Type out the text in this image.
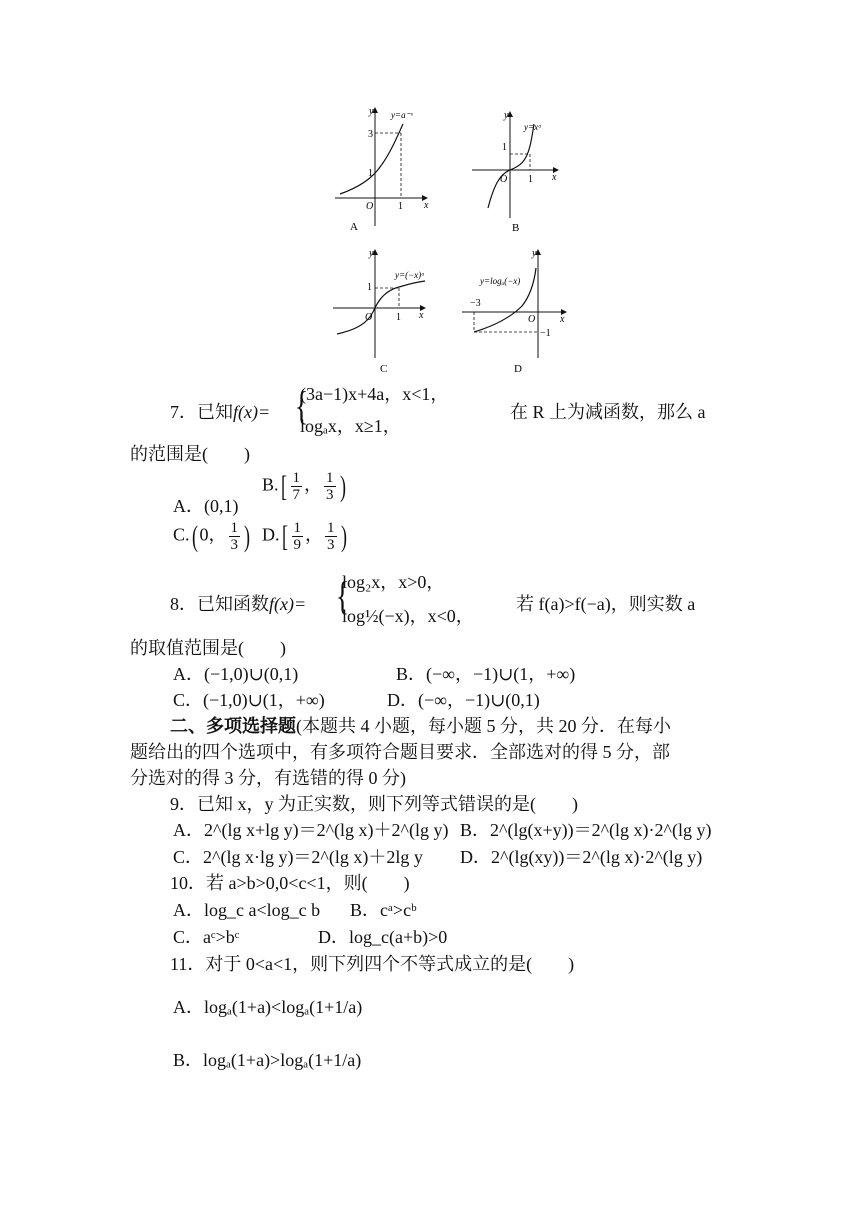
y y=a⁻ˣ
3
1
O 1 x
A
y
y=xᵃ
1
O 1 x
B
y
y=(−x)ᵃ
1
O 1 x
C
y
y=logₐ(−x)
−3
O
−1
x
D
7．已知f(x)= {
(3a−1)x+4a，x<1，
logₐx，x≥1，
在 R 上为减函数，那么 a
的范围是(　　)
A．(0,1)
$B.[ \frac{1}{7}$ ， $\frac{1}{3}$ )
C.( 0， $\frac{1}{3}$ ) $D.[ \frac{1}{9}$ ， $\frac{1}{3}$ )
8．已知函数f(x)= {
log₂x，x>0，
log½(−x)，x<0，
若 f(a)>f(−a)，则实数 a
的取值范围是(　　)
A．(−1,0)∪(0,1)	B．(−∞，−1)∪(1，+∞)
C．(−1,0)∪(1，+∞)	D．(−∞，−1)∪(0,1)
二、多项选择题(本题共 4 小题，每小题 5 分，共 20 分．在每小
题给出的四个选项中，有多项符合题目要求．全部选对的得 5 分，部
分选对的得 3 分，有选错的得 0 分)
9．已知 x，y 为正实数，则下列等式错误的是(　　)
A．2^(lg x+lg y)＝2^(lg x)＋2^(lg y) B．2^(lg(x+y))＝2^(lg x)·2^(lg y)
C．2^(lg x·lg y)＝2^(lg x)＋2lg y D．2^(lg(xy))＝2^(lg x)·2^(lg y)
10．若 a>b>0,0<c<1，则(　　)
A．log_c a<log_c b B．cᵃ>cᵇ
C．aᶜ>bᶜ	D．log_c(a+b)>0
11．对于 0<a<1，则下列四个不等式成立的是(　　)
A．logₐ(1+a)<logₐ(1+1/a)
B．logₐ(1+a)>logₐ(1+1/a)
